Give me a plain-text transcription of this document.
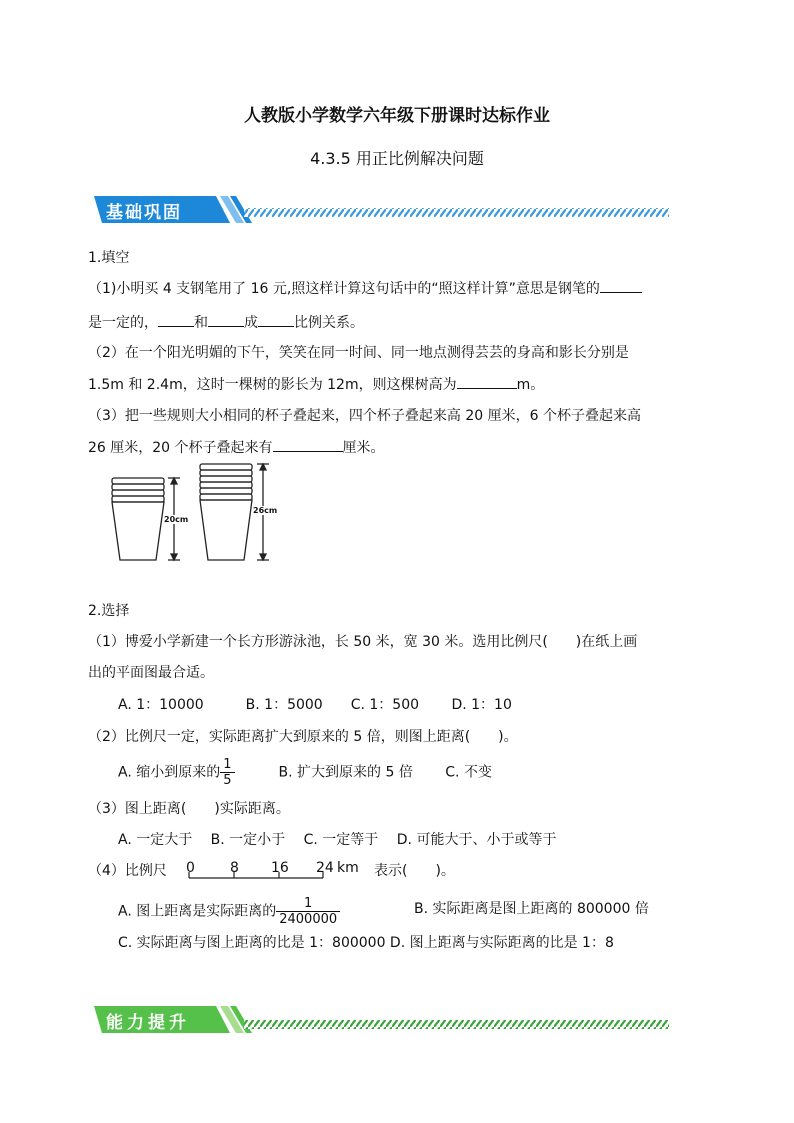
人教版小学数学六年级下册课时达标作业
4.3.5 用正比例解决问题
基础巩固
1.填空
（1)小明买 4 支钢笔用了 16 元,照这样计算这句话中的“照这样计算”意思是钢笔的
是一定的，	和	成	比例关系。
（2）在一个阳光明媚的下午，笑笑在同一时间、同一地点测得芸芸的身高和影长分别是
1.5m 和 2.4m，这时一棵树的影长为 12m，则这棵树高为	m。
（3）把一些规则大小相同的杯子叠起来，四个杯子叠起来高 20 厘米，6 个杯子叠起来高
26 厘米，20 个杯子叠起来有	厘米。
20cm
26cm
2.选择
（1）博爱小学新建一个长方形游泳池，长 50 米，宽 30 米。选用比例尺(　　)在纸上画
出的平面图最合适。
A. 1：10000　　　B. 1：5000　　C. 1：500　　 D. 1：10
（2）比例尺一定，实际距离扩大到原来的 5 倍，则图上距离(　　)。
A. 缩小到原来的 $\frac{1}{5}$	B. 扩大到原来的 5 倍　　 C. 不变
（3）图上距离(　　)实际距离。
A. 一定大于　 B. 一定小于　 C. 一定等于　 D. 可能大于、小于或等于
（4）比例尺 0	8 16 24 km 表示(　　)。
A. 图上距离是实际距离的 $\frac{1}{2400000}$	B. 实际距离是图上距离的 800000 倍
C. 实际距离与图上距离的比是 1：800000 D. 图上距离与实际距离的比是 1：8
能力提升
